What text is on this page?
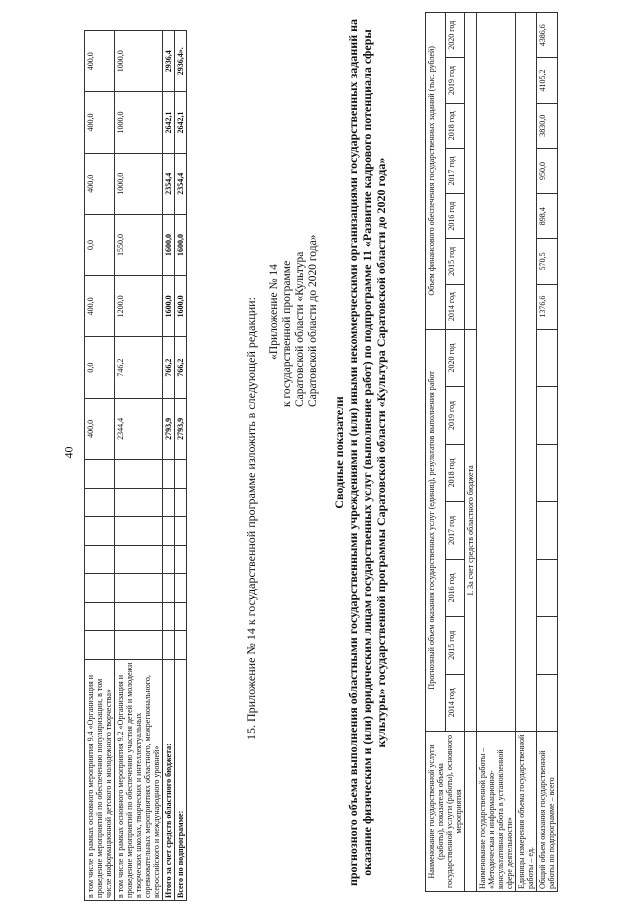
40
в том числе в рамках основного мероприятия 9.4 «Организация и проведение мероприятий по обеспечению популяризации, в том числе информационной детского и молодежного творчества»								400,0	0,0	400,0	0,0	400,0	400,0	400,0
в том числе в рамках основного мероприятия 9.2 «Организация и проведение мероприятий по обеспечению участия детей и молодежи в творческих школах, творческих и интеллектуальных соревновательных мероприятиях областного, межрегионального, всероссийского и международного уровней»								2344,4	746,2	1200,0	1550,0	1000,0	1000,0	1000,0
Итого за счет средств областного бюджета:								2793,9	766,2	1600,0	1600,0	2354,4	2642,1	2936,4
Всего по подпрограмме:								2793,9	766,2	1600,0	1600,0	2354,4	2642,1	2936,4».
15. Приложение № 14 к государственной программе изложить в следующей редакции: «Приложение № 14 к государственной программе Саратовской области «Культура Саратовской области до 2020 года»
Сводные показатели прогнозного объема выполнения областными государственными учреждениями и (или) иными некоммерческими организациями государственных заданий на оказание физическим и (или) юридическим лицам государственных услуг (выполнение работ) по подпрограмме 11 «Развитие кадрового потенциала сферы культуры» государственной программы Саратовской области «Культура Саратовской области до 2020 года»
Наименование государственной услуги (работы), показателя объема государственной услуги (работы), основного мероприятия	Прогнозный объем оказания государственных услуг (единиц), результатов выполнения работ							Объем финансового обеспечения государственных заданий (тыс. рублей)						
	2014 год	2015 год	2016 год	2017 год	2018 год	2019 год	2020 год	2014 год	2015 год	2016 год	2017 год	2018 год	2019 год	2020 год
	I. За счет средств областного бюджета													
Наименование государственной работы – «Методическая и информационно-консультативная работа в установленной сфере деятельности»														
Единицы измерения объема государственной работы – ед.														
Общий объем оказания государственной работы по подпрограмме – всего								1376,6	570,5	898,4	950,0	3830,0	4105,2	4386,6
